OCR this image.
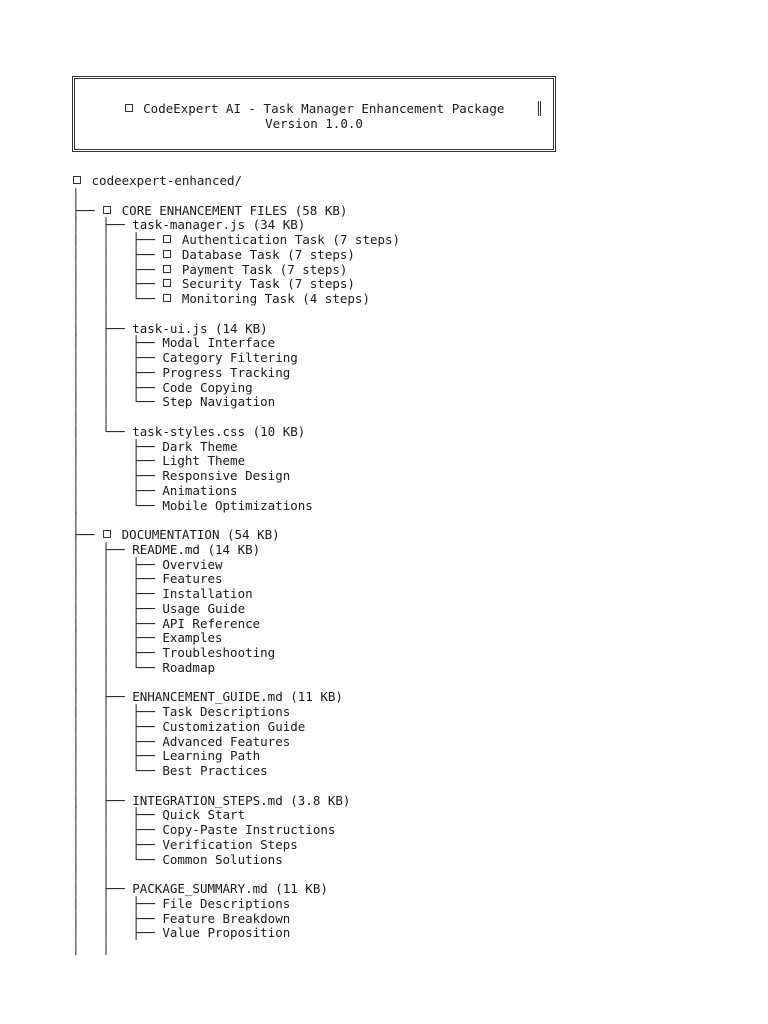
CodeExpert AI - Task Manager Enhancement Package
Version 1.0.0
║
codeexpert-enhanced/
│
├──  CORE ENHANCEMENT FILES (58 KB)
│   ├── task-manager.js (34 KB)
│   │   ├──  Authentication Task (7 steps)
│   │   ├──  Database Task (7 steps)
│   │   ├──  Payment Task (7 steps)
│   │   ├──  Security Task (7 steps)
│   │   └──  Monitoring Task (4 steps)
│   │
│   ├── task-ui.js (14 KB)
│   │   ├── Modal Interface
│   │   ├── Category Filtering
│   │   ├── Progress Tracking
│   │   ├── Code Copying
│   │   └── Step Navigation
│   │
│   └── task-styles.css (10 KB)
│       ├── Dark Theme
│       ├── Light Theme
│       ├── Responsive Design
│       ├── Animations
│       └── Mobile Optimizations
│
├──  DOCUMENTATION (54 KB)
│   ├── README.md (14 KB)
│   │   ├── Overview
│   │   ├── Features
│   │   ├── Installation
│   │   ├── Usage Guide
│   │   ├── API Reference
│   │   ├── Examples
│   │   ├── Troubleshooting
│   │   └── Roadmap
│   │
│   ├── ENHANCEMENT_GUIDE.md (11 KB)
│   │   ├── Task Descriptions
│   │   ├── Customization Guide
│   │   ├── Advanced Features
│   │   ├── Learning Path
│   │   └── Best Practices
│   │
│   ├── INTEGRATION_STEPS.md (3.8 KB)
│   │   ├── Quick Start
│   │   ├── Copy-Paste Instructions
│   │   ├── Verification Steps
│   │   └── Common Solutions
│   │
│   ├── PACKAGE_SUMMARY.md (11 KB)
│   │   ├── File Descriptions
│   │   ├── Feature Breakdown
│   │   ├── Value Proposition
│   │
